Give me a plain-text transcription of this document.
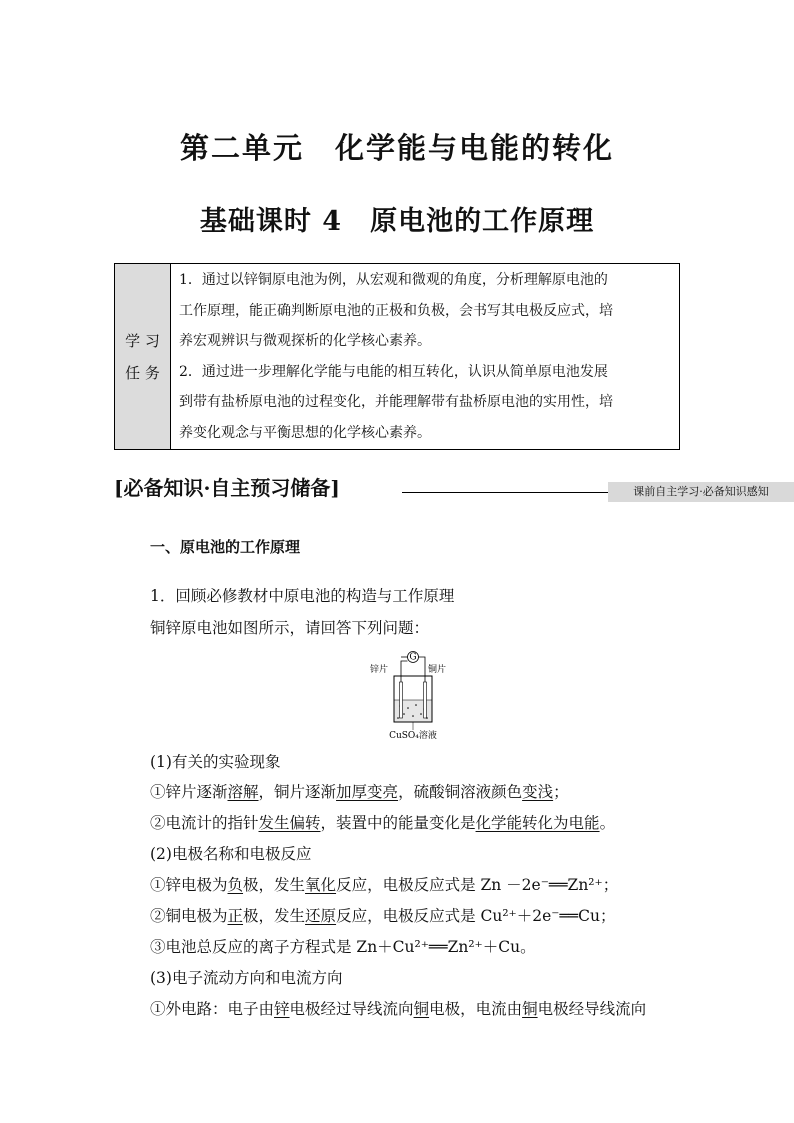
第二单元　化学能与电能的转化
基础课时 4　原电池的工作原理
学 习
任 务

1．通过以锌铜原电池为例，从宏观和微观的角度，分析理解原电池的

工作原理，能正确判断原电池的正极和负极，会书写其电极反应式，培

养宏观辨识与微观探析的化学核心素养。

2．通过进一步理解化学能与电能的相互转化，认识从简单原电池发展

到带有盐桥原电池的过程变化，并能理解带有盐桥原电池的实用性，培

养变化观念与平衡思想的化学核心素养。

[必备知识·自主预习储备]	课前自主学习·必备知识感知
一、原电池的工作原理
1．回顾必修教材中原电池的构造与工作原理
铜锌原电池如图所示，请回答下列问题：
G
锌片	铜片
CuSO₄溶液
(1)有关的实验现象
①锌片逐渐溶解，铜片逐渐加厚变亮，硫酸铜溶液颜色变浅；
②电流计的指针发生偏转，装置中的能量变化是化学能转化为电能。
(2)电极名称和电极反应
①锌电极为负极，发生氧化反应，电极反应式是 Zn －2e⁻══Zn²⁺；
②铜电极为正极，发生还原反应，电极反应式是 Cu²⁺＋2e⁻══Cu；
③电池总反应的离子方程式是 Zn＋Cu²⁺══Zn²⁺＋Cu。
(3)电子流动方向和电流方向
①外电路：电子由锌电极经过导线流向铜电极，电流由铜电极经导线流向
